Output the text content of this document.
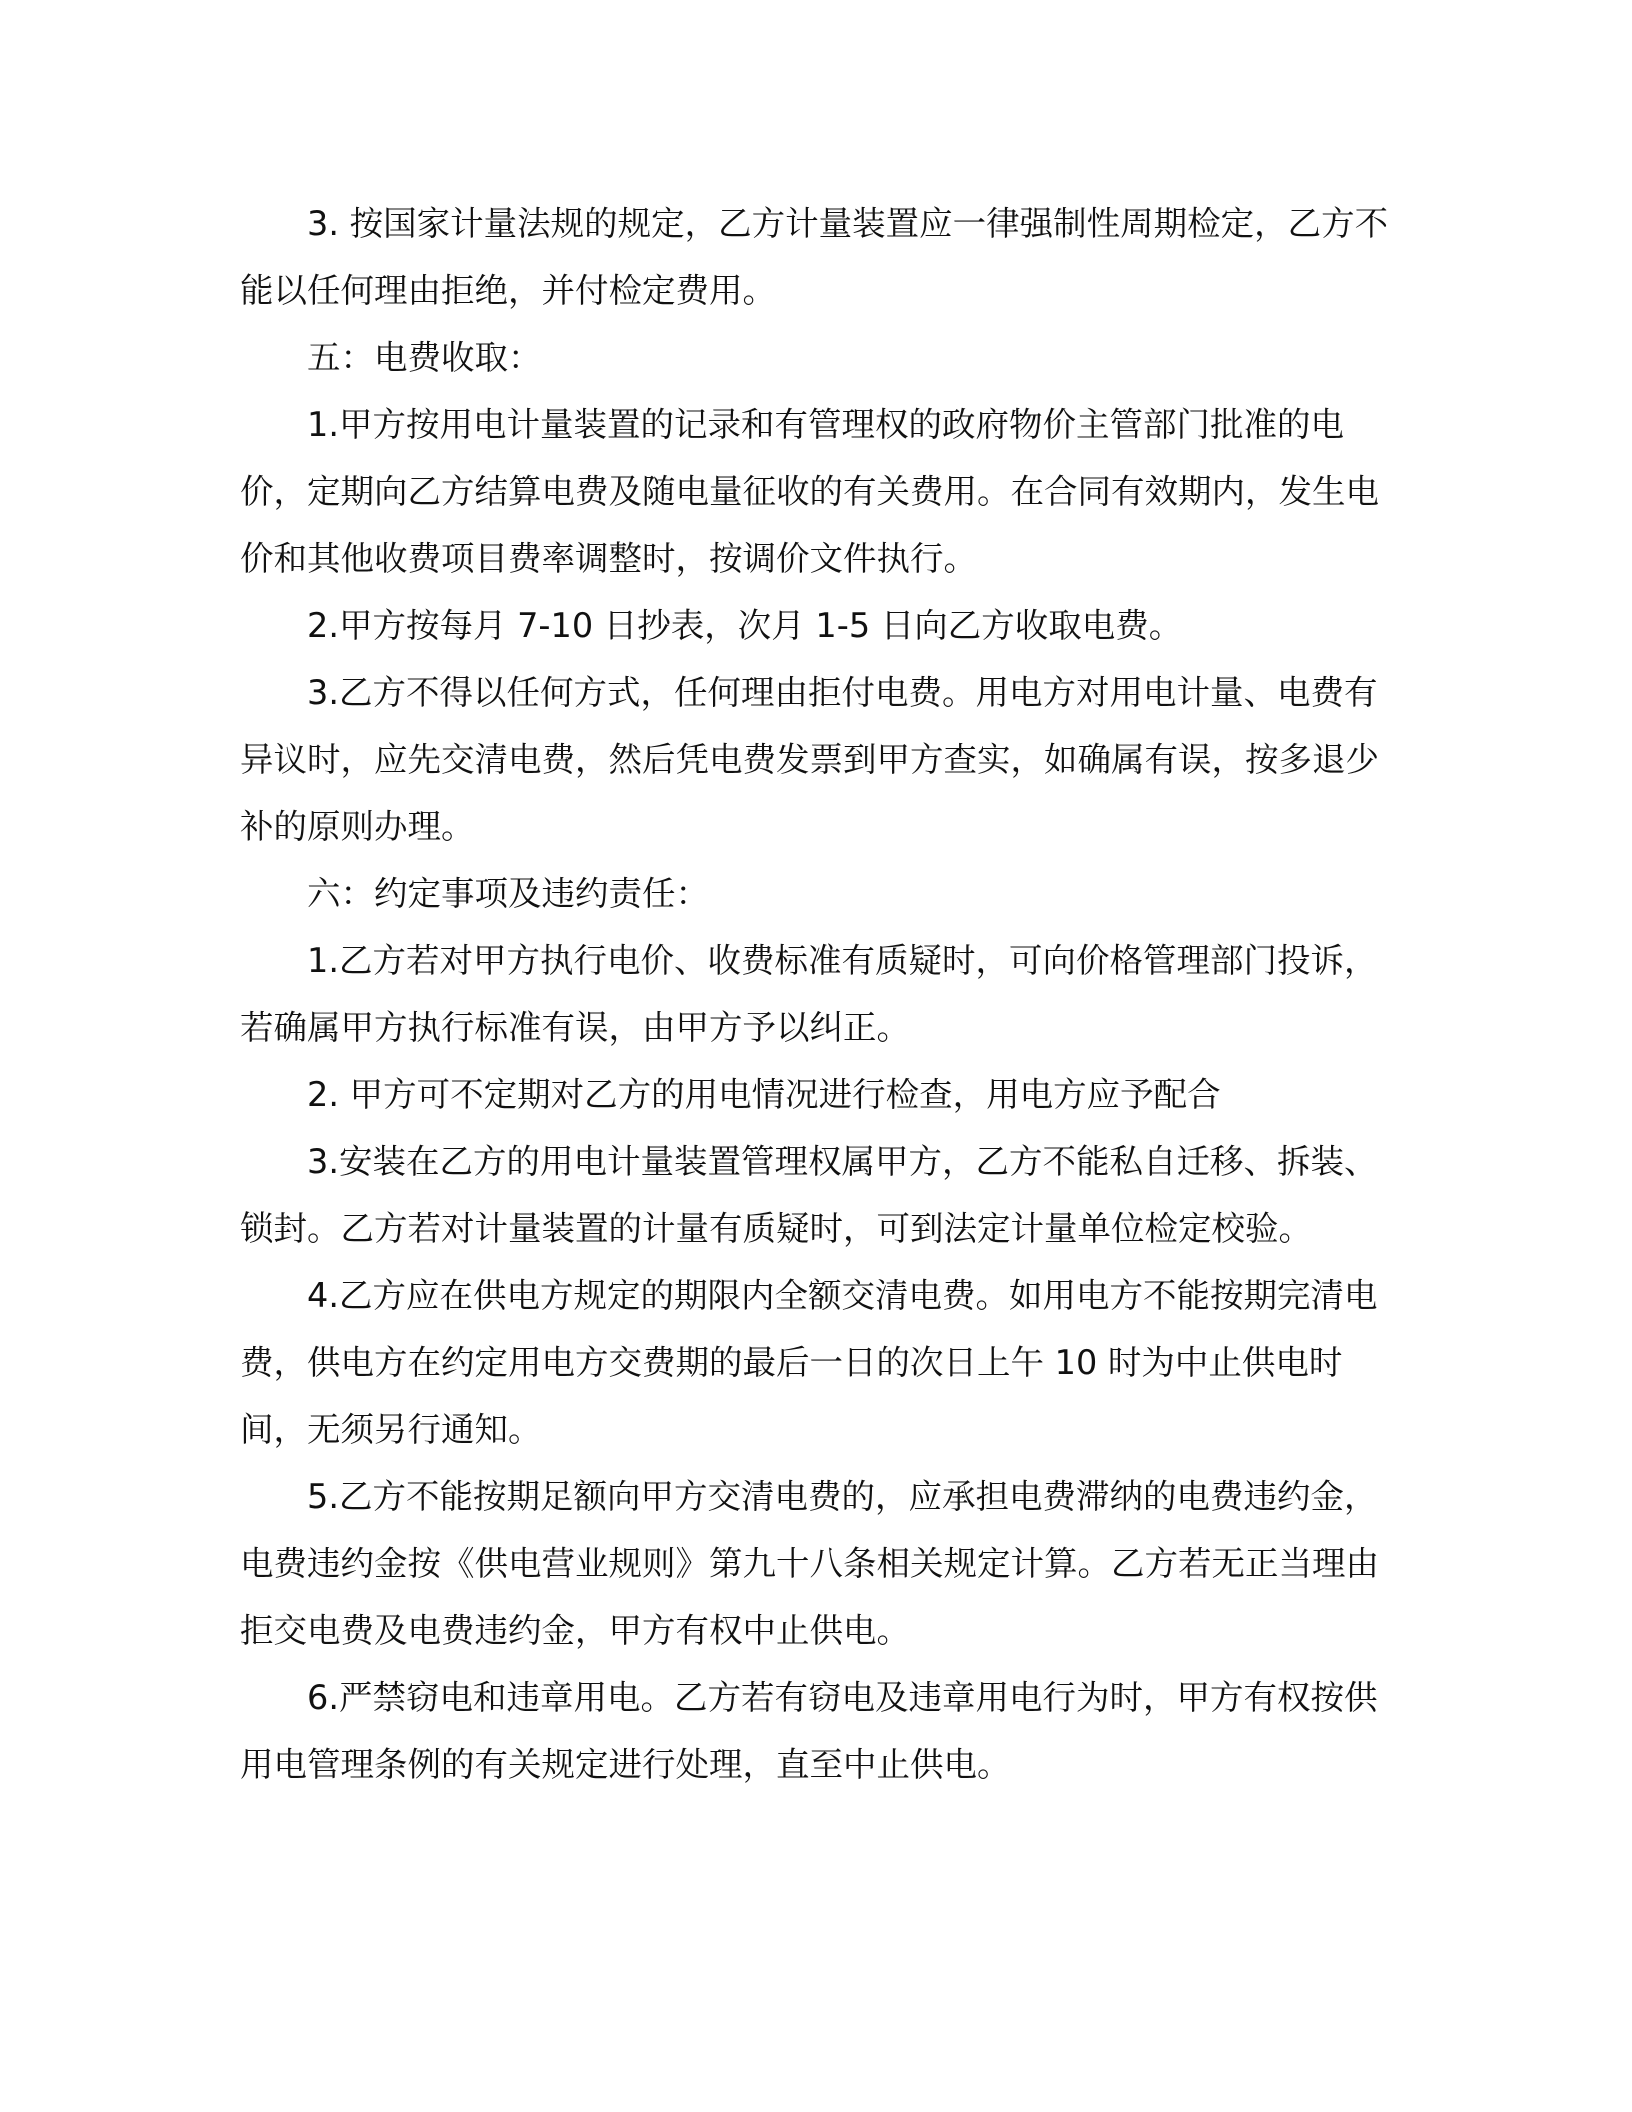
3. 按国家计量法规的规定，乙方计量装置应一律强制性周期检定，乙方不能以任何理由拒绝，并付检定费用。

五：电费收取：

1.甲方按用电计量装置的记录和有管理权的政府物价主管部门批准的电价，定期向乙方结算电费及随电量征收的有关费用。在合同有效期内，发生电价和其他收费项目费率调整时，按调价文件执行。

2.甲方按每月 7-10 日抄表，次月 1-5 日向乙方收取电费。

3.乙方不得以任何方式，任何理由拒付电费。用电方对用电计量、电费有异议时，应先交清电费，然后凭电费发票到甲方查实，如确属有误，按多退少补的原则办理。

六：约定事项及违约责任：

1.乙方若对甲方执行电价、收费标准有质疑时，可向价格管理部门投诉，若确属甲方执行标准有误，由甲方予以纠正。

2. 甲方可不定期对乙方的用电情况进行检查，用电方应予配合

3.安装在乙方的用电计量装置管理权属甲方，乙方不能私自迁移、拆装、锁封。乙方若对计量装置的计量有质疑时，可到法定计量单位检定校验。

4.乙方应在供电方规定的期限内全额交清电费。如用电方不能按期完清电费，供电方在约定用电方交费期的最后一日的次日上午 10 时为中止供电时间，无须另行通知。

5.乙方不能按期足额向甲方交清电费的，应承担电费滞纳的电费违约金，电费违约金按《供电营业规则》第九十八条相关规定计算。乙方若无正当理由拒交电费及电费违约金，甲方有权中止供电。

6.严禁窃电和违章用电。乙方若有窃电及违章用电行为时，甲方有权按供用电管理条例的有关规定进行处理，直至中止供电。
